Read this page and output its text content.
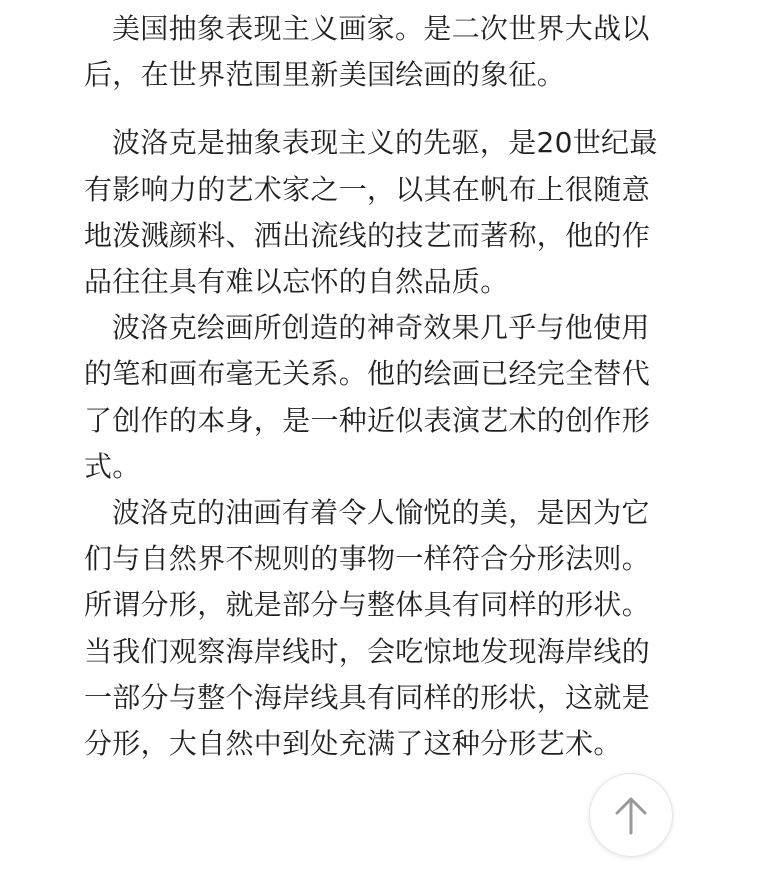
美国抽象表现主义画家。是二次世界大战以后，在世界范围里新美国绘画的象征。

波洛克是抽象表现主义的先驱，是20世纪最有影响力的艺术家之一，以其在帆布上很随意地泼溅颜料、洒出流线的技艺而著称，他的作品往往具有难以忘怀的自然品质。

波洛克绘画所创造的神奇效果几乎与他使用的笔和画布毫无关系。他的绘画已经完全替代了创作的本身，是一种近似表演艺术的创作形式。

波洛克的油画有着令人愉悦的美，是因为它们与自然界不规则的事物一样符合分形法则。所谓分形，就是部分与整体具有同样的形状。当我们观察海岸线时，会吃惊地发现海岸线的一部分与整个海岸线具有同样的形状，这就是分形，大自然中到处充满了这种分形艺术。
